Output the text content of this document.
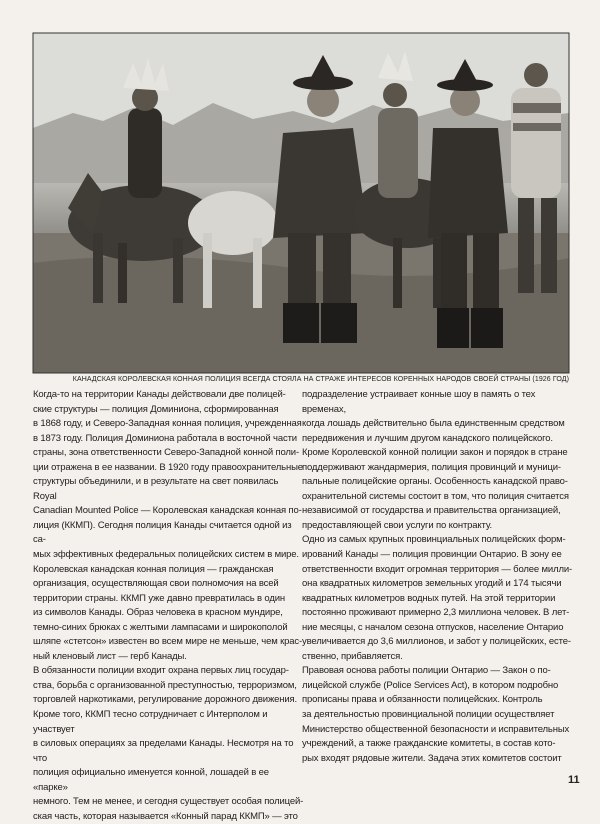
КАНАДСКАЯ КОРОЛЕВСКАЯ КОННАЯ ПОЛИЦИЯ ВСЕГДА СТОЯЛА НА СТРАЖЕ ИНТЕРЕСОВ КОРЕННЫХ НАРОДОВ СВОЕЙ СТРАНЫ (1926 ГОД)

Когда-то на территории Канады действовали две полицей-

ские структуры — полиция Доминиона, сформированная

в 1868 году, и Северо-Западная конная полиция, учрежденная

в 1873 году. Полиция Доминиона работала в восточной части

страны, зона ответственности Северо-Западной конной поли-

ции отражена в ее названии. В 1920 году правоохранительные

структуры объединили, и в результате на свет появилась Royal

Canadian Mounted Police — Королевская канадская конная по-

лиция (ККМП). Сегодня полиция Канады считается одной из са-

мых эффективных федеральных полицейских систем в мире.

Королевская канадская конная полиция — гражданская

организация, осуществляющая свои полномочия на всей

территории страны. ККМП уже давно превратилась в один

из символов Канады. Образ человека в красном мундире,

темно-синих брюках с желтыми лампасами и широкополой

шляпе «стетсон» известен во всем мире не меньше, чем крас-

ный кленовый лист — герб Канады.

В обязанности полиции входит охрана первых лиц государ-

ства, борьба с организованной преступностью, терроризмом,

торговлей наркотиками, регулирование дорожного движения.

Кроме того, ККМП тесно сотрудничает с Интерполом и участвует

в силовых операциях за пределами Канады. Несмотря на то что

полиция официально именуется конной, лошадей в ее «парке»

немного. Тем не менее, и сегодня существует особая полицей-

ская часть, которая называется «Конный парад ККМП» — это

подразделение устраивает конные шоу в память о тех временах,

когда лошадь действительно была единственным средством

передвижения и лучшим другом канадского полицейского.

Кроме Королевской конной полиции закон и порядок в стране

поддерживают жандармерия, полиция провинций и муници-

пальные полицейские органы. Особенность канадской право-

охранительной системы состоит в том, что полиция считается

независимой от государства и правительства организацией,

предоставляющей свои услуги по контракту.

Одно из самых крупных провинциальных полицейских форм-

ирований Канады — полиция провинции Онтарио. В зону ее

ответственности входит огромная территория — более милли-

она квадратных километров земельных угодий и 174 тысячи

квадратных километров водных путей. На этой территории

постоянно проживают примерно 2,3 миллиона человек. В лет-

ние месяцы, с началом сезона отпусков, население Онтарио

увеличивается до 3,6 миллионов, и забот у полицейских, есте-

ственно, прибавляется.

Правовая основа работы полиции Онтарио — Закон о по-

лицейской службе (Police Services Act), в котором подробно

прописаны права и обязанности полицейских. Контроль

за деятельностью провинциальной полиции осуществляет

Министерство общественной безопасности и исправительных

учреждений, а также гражданские комитеты, в состав кото-

рых входят рядовые жители. Задача этих комитетов состоит

11
